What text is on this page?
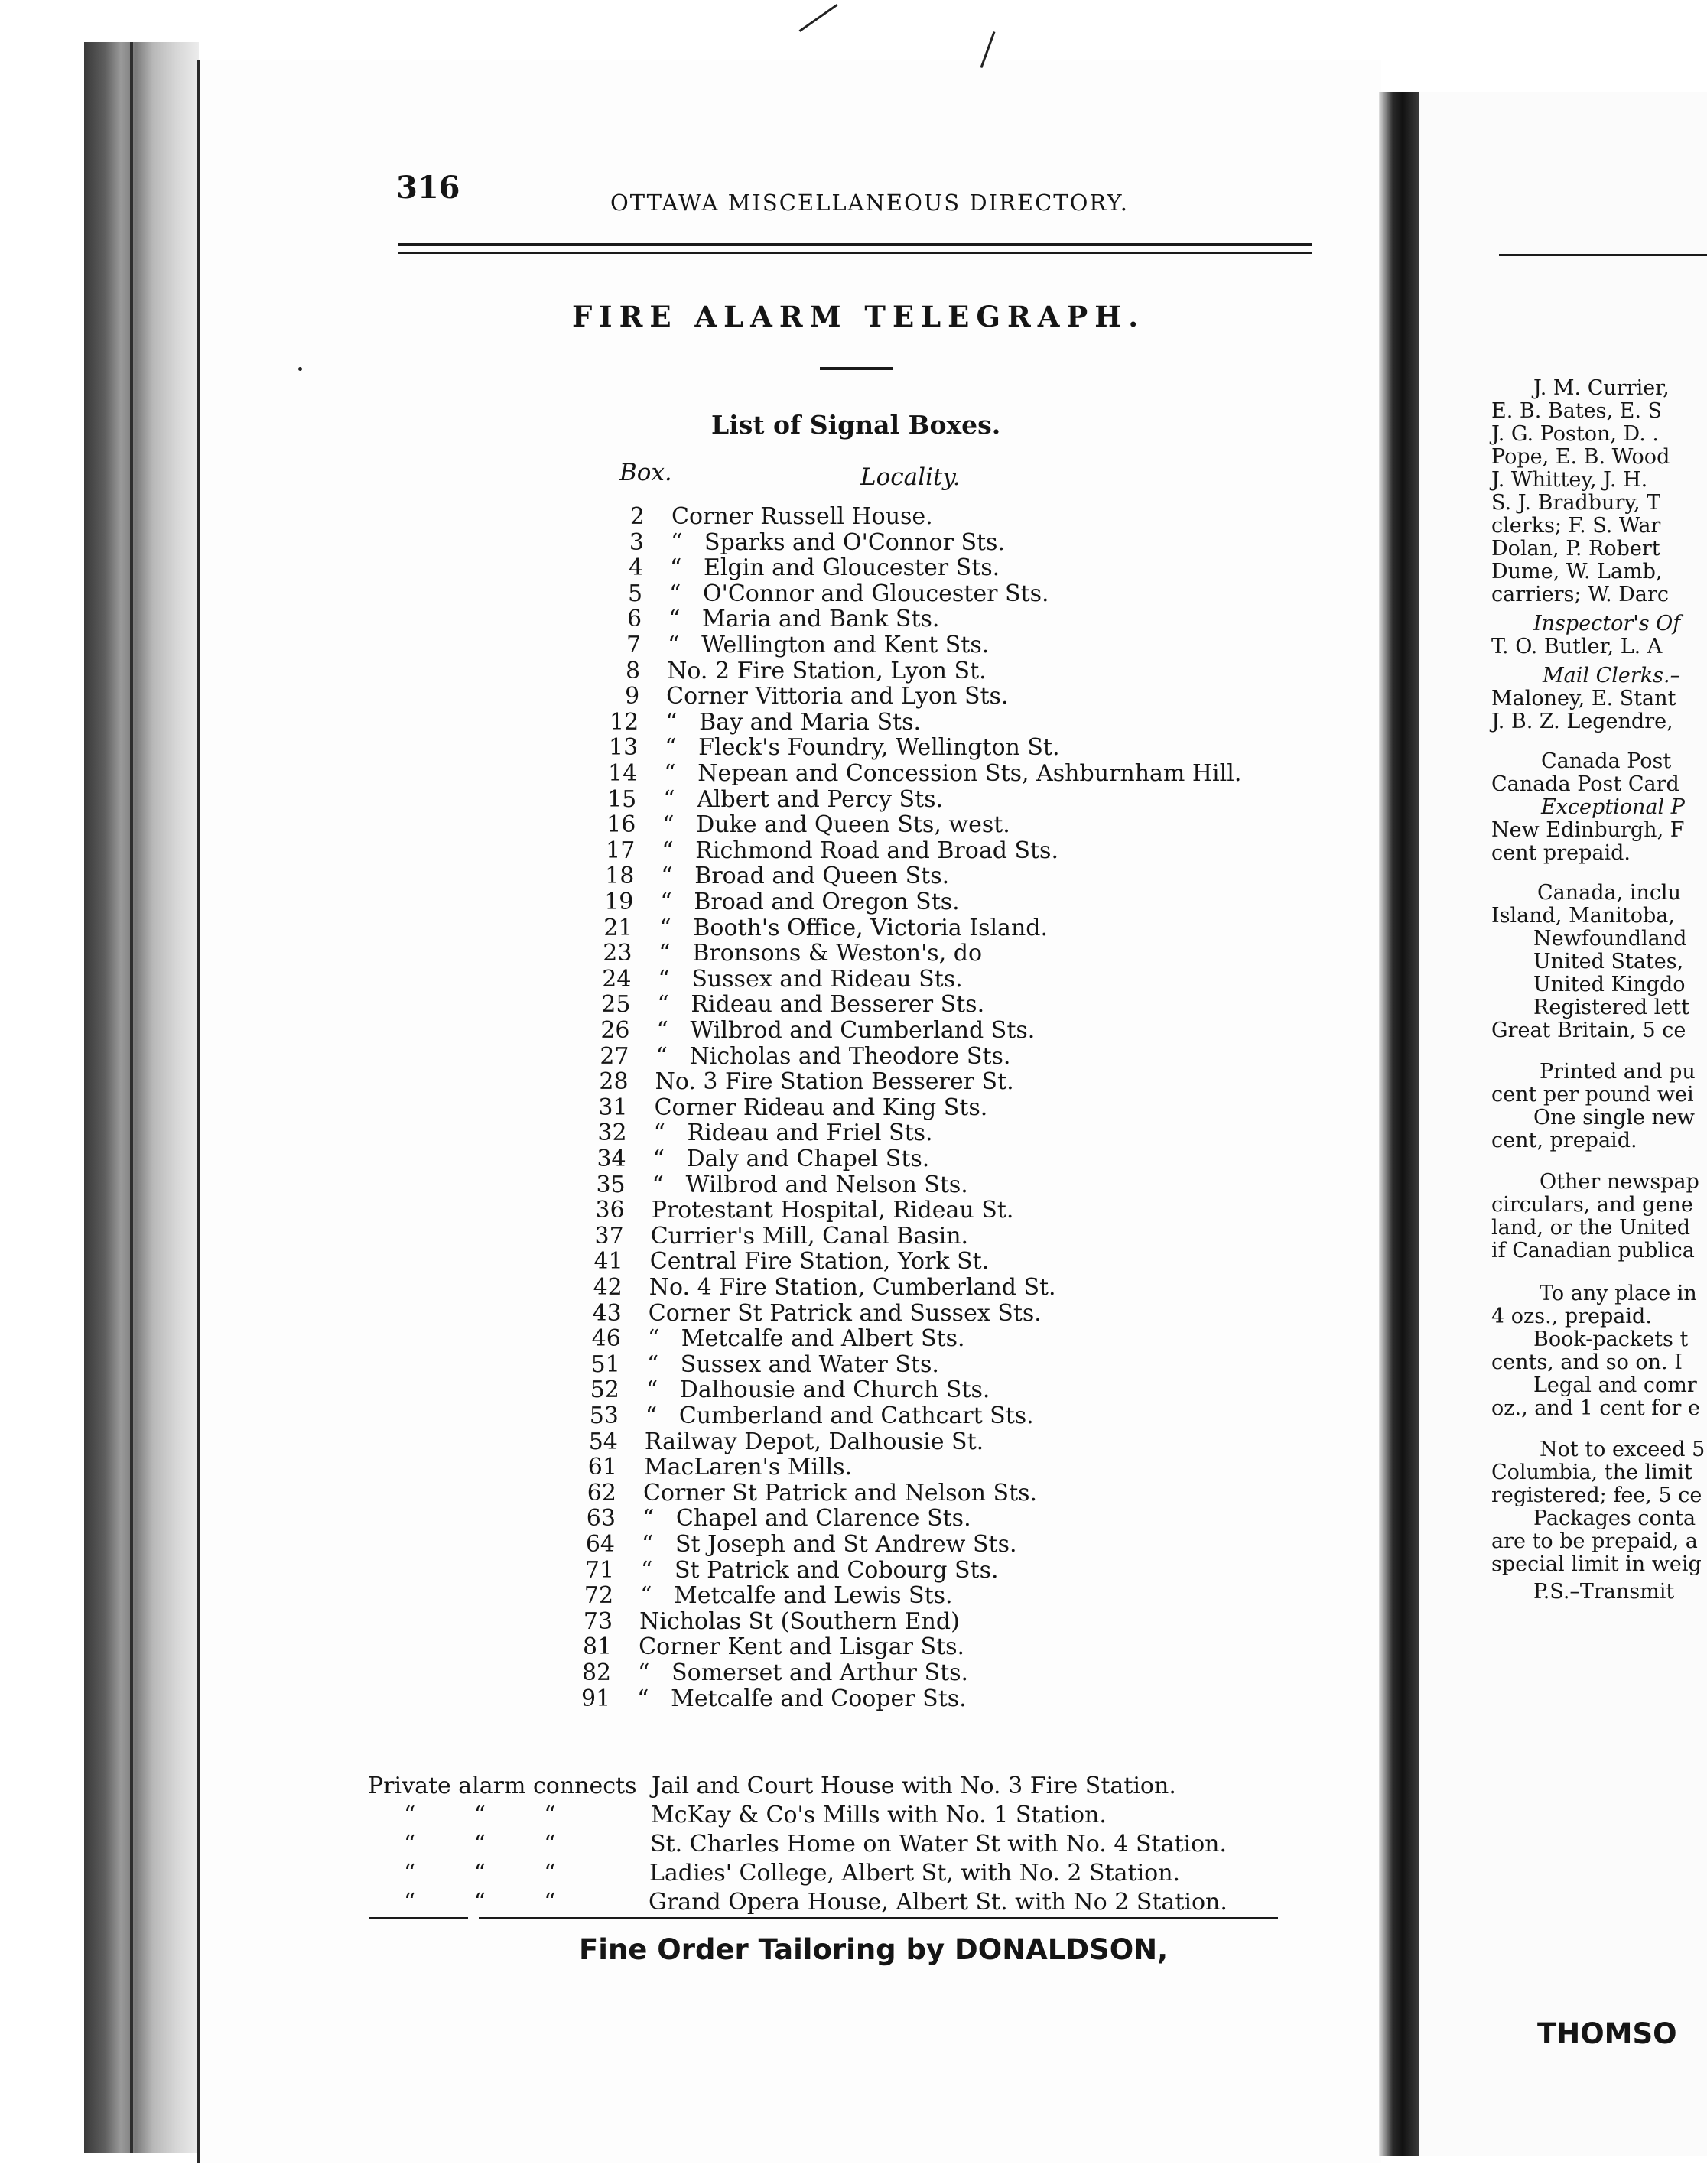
J. M. Currier,
E. B. Bates, E. S
J. G. Poston, D. .
Pope, E. B. Wood
J. Whittey, J. H.
S. J. Bradbury, T
clerks; F. S. War
Dolan, P. Robert
Dume, W. Lamb,
carriers; W. Darc
Inspector's Of
T. O. Butler, L. A
Mail Clerks.–
Maloney, E. Stant
J. B. Z. Legendre,
Canada Post
Canada Post Card
Exceptional P
New Edinburgh, F
cent prepaid.
Canada, inclu
Island, Manitoba,
Newfoundland
United States,
United Kingdo
Registered lett
Great Britain, 5 ce
Printed and pu
cent per pound wei
One single new
cent, prepaid.
Other newspap
circulars, and gene
land, or the United
if Canadian publica
To any place in
4 ozs., prepaid.
Book-packets t
cents, and so on. I
Legal and comr
oz., and 1 cent for e
Not to exceed 5
Columbia, the limit
registered; fee, 5 ce
Packages conta
are to be prepaid, a
special limit in weig
P.S.–Transmit
THOMSO
316	OTTAWA MISCELLANEOUS DIRECTORY.
FIRE ALARM TELEGRAPH.
List of Signal Boxes.
Box.	Locality.
2 Corner Russell House.
3 “   Sparks and O'Connor Sts.
4 “   Elgin and Gloucester Sts.
5 “   O'Connor and Gloucester Sts.
6 “   Maria and Bank Sts.
7 “   Wellington and Kent Sts.
8 No. 2 Fire Station, Lyon St.
9 Corner Vittoria and Lyon Sts.
12 “   Bay and Maria Sts.
13 “   Fleck's Foundry, Wellington St.
14 “   Nepean and Concession Sts, Ashburnham Hill.
15 “   Albert and Percy Sts.
16 “   Duke and Queen Sts, west.
17 “   Richmond Road and Broad Sts.
18 “   Broad and Queen Sts.
19 “   Broad and Oregon Sts.
21 “   Booth's Office, Victoria Island.
23 “   Bronsons & Weston's, do
24 “   Sussex and Rideau Sts.
25 “   Rideau and Besserer Sts.
26 “   Wilbrod and Cumberland Sts.
27 “   Nicholas and Theodore Sts.
28 No. 3 Fire Station Besserer St.
31 Corner Rideau and King Sts.
32 “   Rideau and Friel Sts.
34 “   Daly and Chapel Sts.
35 “   Wilbrod and Nelson Sts.
36 Protestant Hospital, Rideau St.
37 Currier's Mill, Canal Basin.
41 Central Fire Station, York St.
42 No. 4 Fire Station, Cumberland St.
43 Corner St Patrick and Sussex Sts.
46 “   Metcalfe and Albert Sts.
51 “   Sussex and Water Sts.
52 “   Dalhousie and Church Sts.
53 “   Cumberland and Cathcart Sts.
54 Railway Depot, Dalhousie St.
61 MacLaren's Mills.
62 Corner St Patrick and Nelson Sts.
63 “   Chapel and Clarence Sts.
64 “   St Joseph and St Andrew Sts.
71 “   St Patrick and Cobourg Sts.
72 “   Metcalfe and Lewis Sts.
73 Nicholas St (Southern End)
81 Corner Kent and Lisgar Sts.
82 “   Somerset and Arthur Sts.
91 “   Metcalfe and Cooper Sts.
Private alarm connects Jail and Court House with No. 3 Fire Station.
“        “        “	McKay & Co's Mills with No. 1 Station.
“        “        “	St. Charles Home on Water St with No. 4 Station.
“        “        “	Ladies' College, Albert St, with No. 2 Station.
“        “        “	Grand Opera House, Albert St. with No 2 Station.
Fine Order Tailoring by DONALDSON,
